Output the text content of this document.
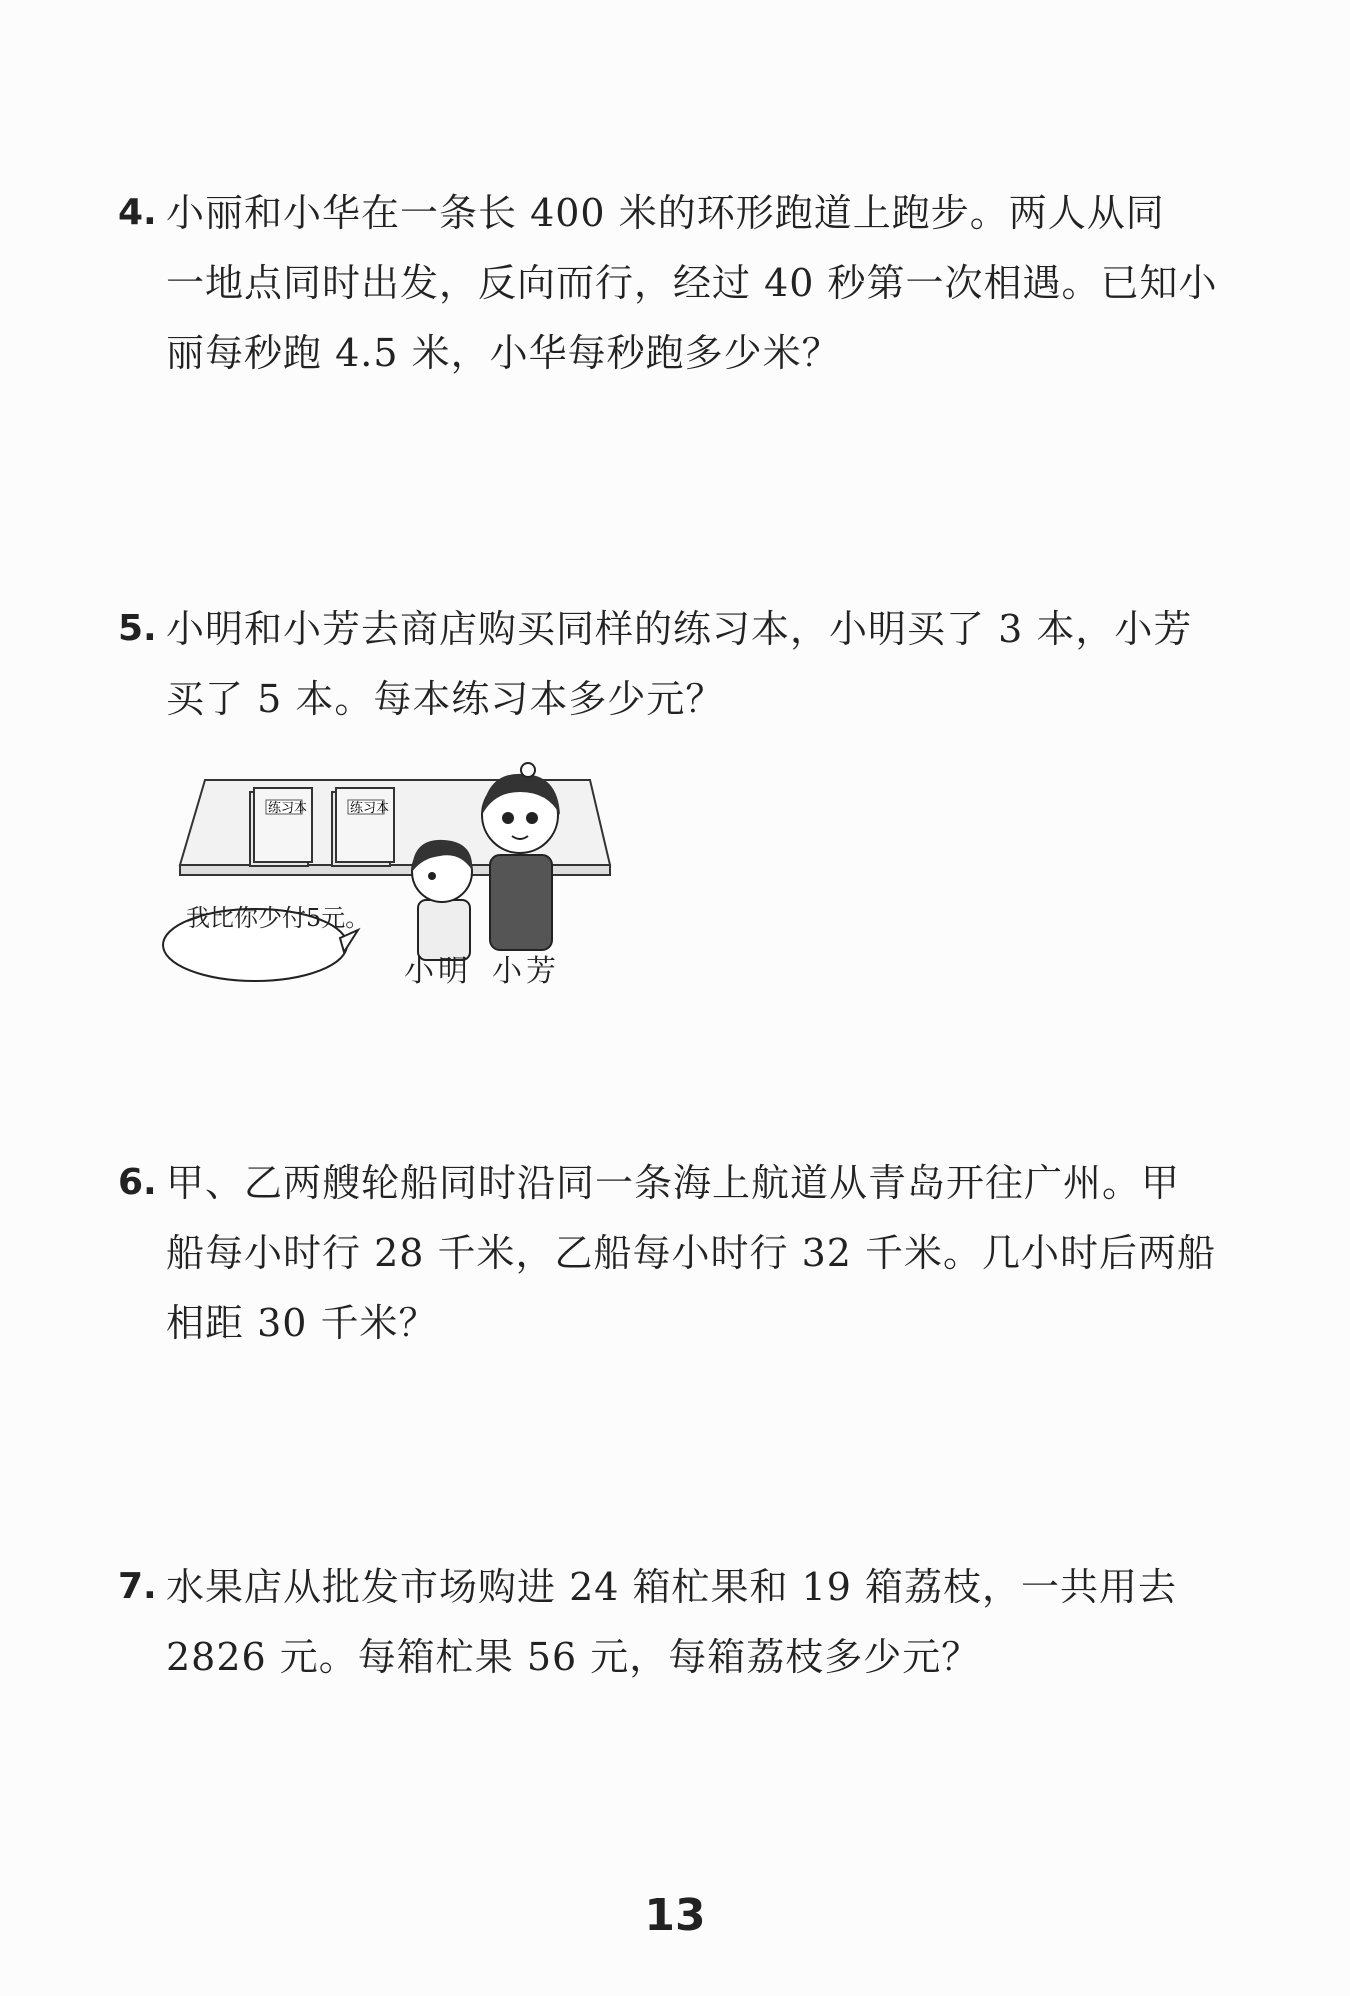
4. 小丽和小华在一条长 400 米的环形跑道上跑步。两人从同
一地点同时出发，反向而行，经过 40 秒第一次相遇。已知小
丽每秒跑 4.5 米，小华每秒跑多少米？
5. 小明和小芳去商店购买同样的练习本，小明买了 3 本，小芳
买了 5 本。每本练习本多少元？
练习本	练习本
我比你少付5元。
小明 小芳
6. 甲、乙两艘轮船同时沿同一条海上航道从青岛开往广州。甲
船每小时行 28 千米，乙船每小时行 32 千米。几小时后两船
相距 30 千米？
7. 水果店从批发市场购进 24 箱杧果和 19 箱荔枝，一共用去
2826 元。每箱杧果 56 元，每箱荔枝多少元？
13
